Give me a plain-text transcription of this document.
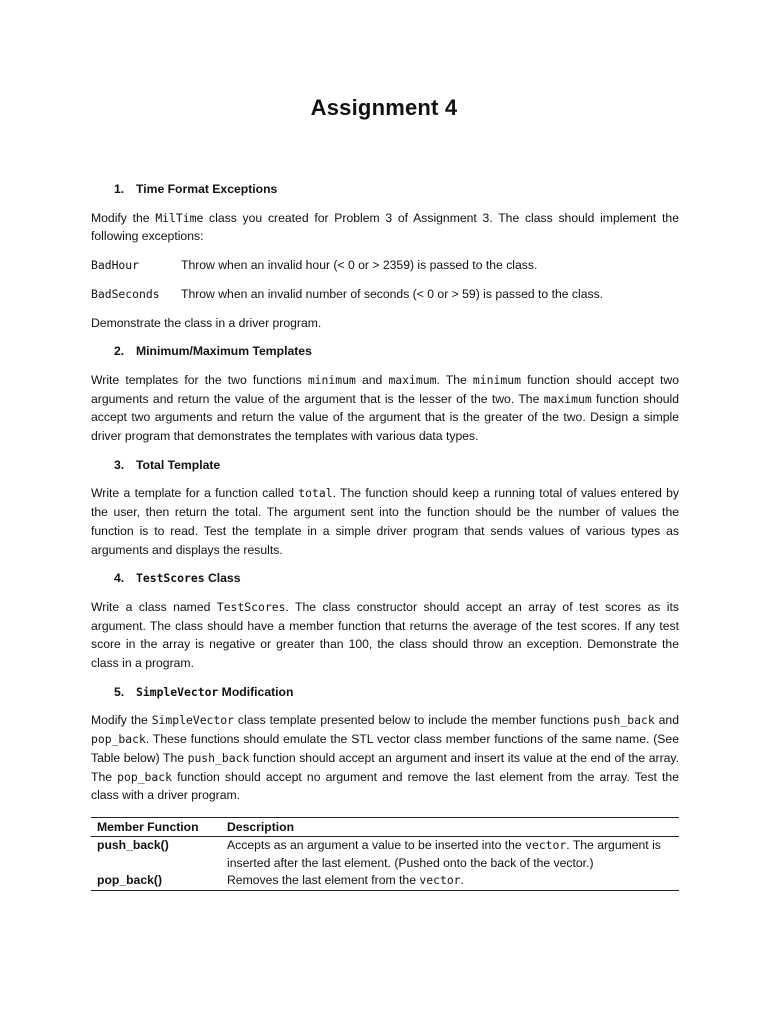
Assignment 4
1. Time Format Exceptions
Modify the MilTime class you created for Problem 3 of Assignment 3. The class should implement the following exceptions:
BadHour	Throw when an invalid hour (< 0 or > 2359) is passed to the class.
BadSeconds	Throw when an invalid number of seconds (< 0 or > 59) is passed to the class.
Demonstrate the class in a driver program.
2. Minimum/Maximum Templates
Write templates for the two functions minimum and maximum. The minimum function should accept two arguments and return the value of the argument that is the lesser of the two. The maximum function should accept two arguments and return the value of the argument that is the greater of the two. Design a simple driver program that demonstrates the templates with various data types.
3. Total Template
Write a template for a function called total. The function should keep a running total of values entered by the user, then return the total. The argument sent into the function should be the number of values the function is to read. Test the template in a simple driver program that sends values of various types as arguments and displays the results.
4. TestScores Class
Write a class named TestScores. The class constructor should accept an array of test scores as its argument. The class should have a member function that returns the average of the test scores. If any test score in the array is negative or greater than 100, the class should throw an exception. Demonstrate the class in a program.
5. SimpleVector Modification
Modify the SimpleVector class template presented below to include the member functions push_back and pop_back. These functions should emulate the STL vector class member functions of the same name. (See Table below) The push_back function should accept an argument and insert its value at the end of the array. The pop_back function should accept no argument and remove the last element from the array. Test the class with a driver program.
Member Function	Description
push_back()	Accepts as an argument a value to be inserted into the vector. The argument is inserted after the last element. (Pushed onto the back of the vector.)
pop_back()	Removes the last element from the vector.
